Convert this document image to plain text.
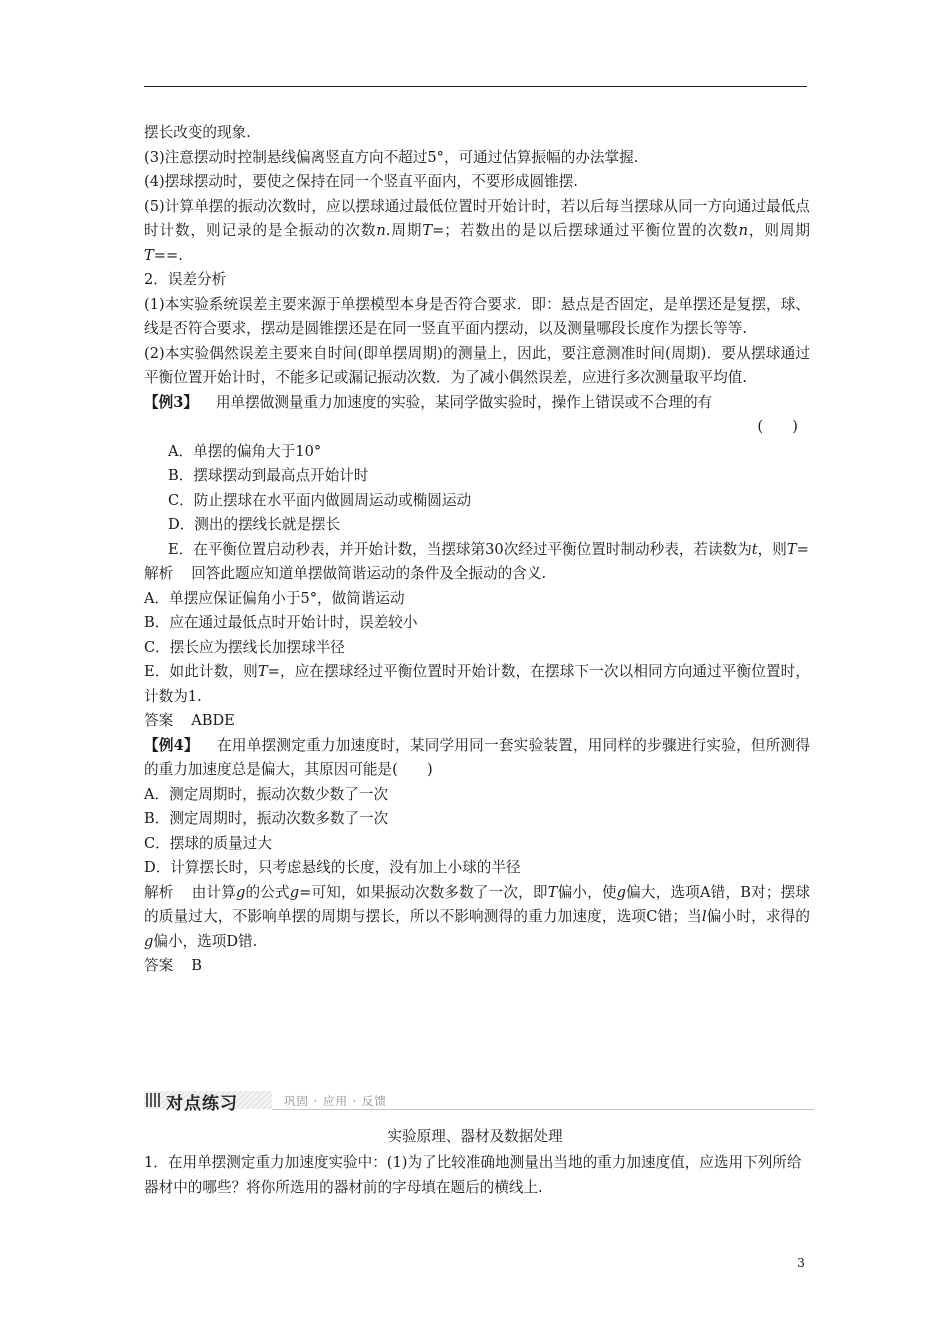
摆长改变的现象.

(3)注意摆动时控制悬线偏离竖直方向不超过5°，可通过估算振幅的办法掌握.

(4)摆球摆动时，要使之保持在同一个竖直平面内，不要形成圆锥摆.

(5)计算单摆的振动次数时，应以摆球通过最低位置时开始计时，若以后每当摆球从同一方向通过最低点时计数，则记录的是全振动的次数n.周期T=；若数出的是以后摆球通过平衡位置的次数n，则周期T==.

2．误差分析

(1)本实验系统误差主要来源于单摆模型本身是否符合要求．即：悬点是否固定，是单摆还是复摆，球、线是否符合要求，摆动是圆锥摆还是在同一竖直平面内摆动，以及测量哪段长度作为摆长等等.

(2)本实验偶然误差主要来自时间(即单摆周期)的测量上，因此，要注意测准时间(周期)．要从摆球通过平衡位置开始计时，不能多记或漏记振动次数．为了减小偶然误差，应进行多次测量取平均值.

【例3】 用单摆做测量重力加速度的实验，某同学做实验时，操作上错误或不合理的有

(　　)

A．单摆的偏角大于10°

B．摆球摆动到最高点开始计时

C．防止摆球在水平面内做圆周运动或椭圆运动

D．测出的摆线长就是摆长

E．在平衡位置启动秒表，并开始计数，当摆球第30次经过平衡位置时制动秒表，若读数为t，则T=

解析 回答此题应知道单摆做简谐运动的条件及全振动的含义.

A．单摆应保证偏角小于5°，做简谐运动

B．应在通过最低点时开始计时，误差较小

C．摆长应为摆线长加摆球半径

E．如此计数，则T=，应在摆球经过平衡位置时开始计数，在摆球下一次以相同方向通过平衡位置时，计数为1.

答案 ABDE

【例4】 在用单摆测定重力加速度时，某同学用同一套实验装置，用同样的步骤进行实验，但所测得的重力加速度总是偏大，其原因可能是(　　)

A．测定周期时，振动次数少数了一次

B．测定周期时，振动次数多数了一次

C．摆球的质量过大

D．计算摆长时，只考虑悬线的长度，没有加上小球的半径

解析 由计算g的公式g=可知，如果振动次数多数了一次，即T偏小，使g偏大，选项A错，B对；摆球的质量过大，不影响单摆的周期与摆长，所以不影响测得的重力加速度，选项C错；当l偏小时，求得的g偏小，选项D错.

答案 B

对点练习	巩固 · 应用 · 反馈
实验原理、器材及数据处理
1．在用单摆测定重力加速度实验中：(1)为了比较准确地测量出当地的重力加速度值，应选用下列所给器材中的哪些？将你所选用的器材前的字母填在题后的横线上.
3
